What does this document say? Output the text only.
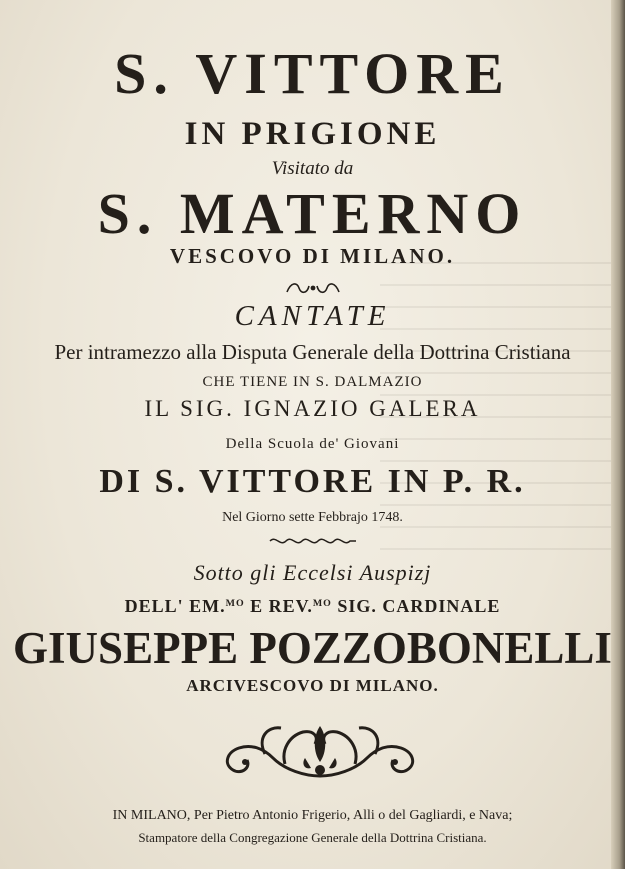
S. VITTORE
IN PRIGIONE
Visitato da
S. MATERNO
VESCOVO DI MILANO.
CANTATE
Per intramezzo alla Disputa Generale della Dottrina Cristiana
CHE TIENE IN S. DALMAZIO
IL SIG. IGNAZIO GALERA
Della Scuola de' Giovani
DI S. VITTORE IN P. R.
Nel Giorno sette Febbrajo 1748.
Sotto gli Eccelsi Auspizj
DELL' EM.$^{MO}$ E REV.$^{MO}$ SIG. CARDINALE
GIUSEPPE POZZOBONELLI
ARCIVESCOVO DI MILANO.
IN MILANO, Per Pietro Antonio Frigerio, Alli o del Gagliardi, e Nava;
Stampatore della Congregazione Generale della Dottrina Cristiana.
